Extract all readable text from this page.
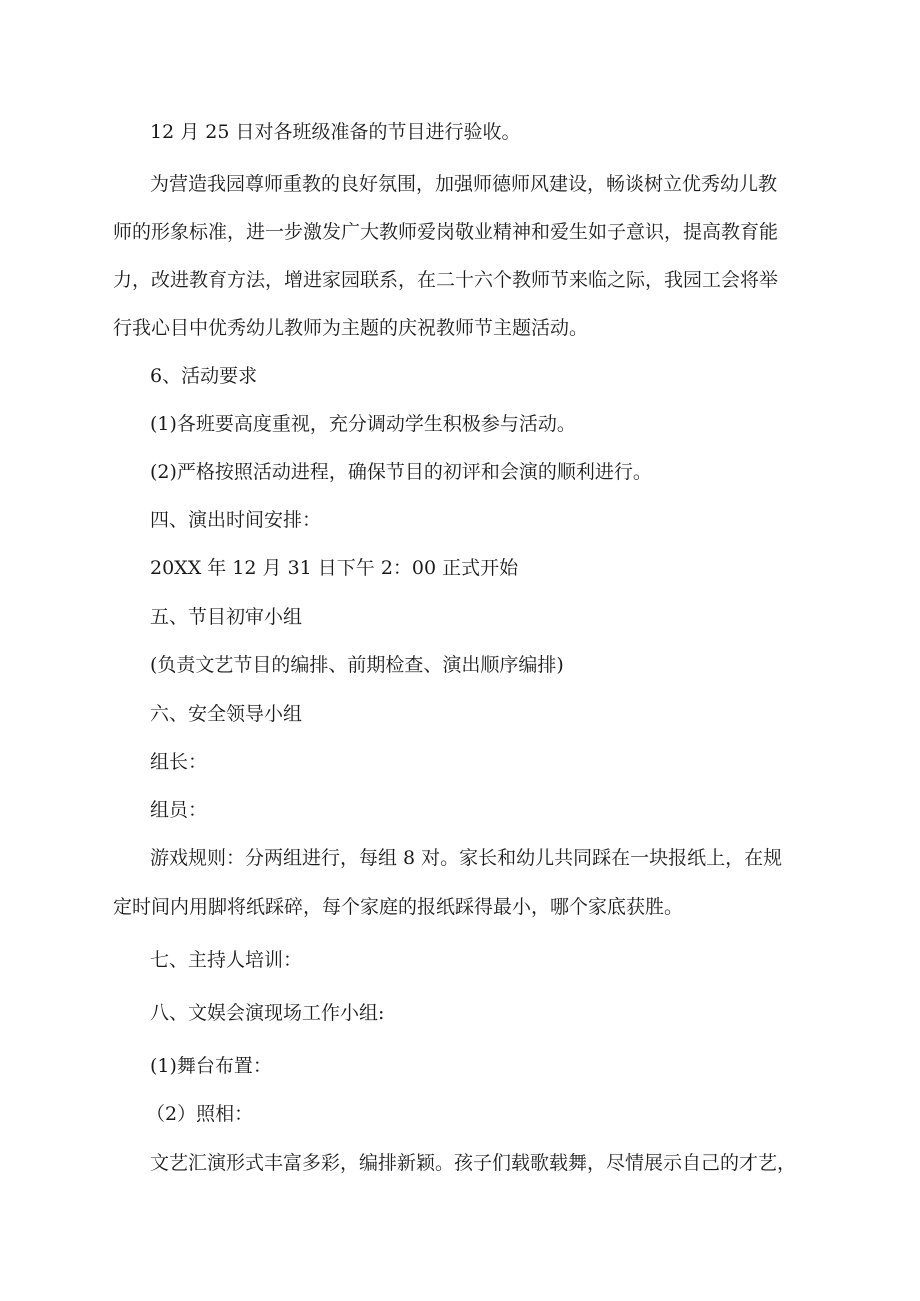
12 月 25 日对各班级准备的节目进行验收。

为营造我园尊师重教的良好氛围，加强师德师风建设，畅谈树立优秀幼儿教

师的形象标准，进一步激发广大教师爱岗敬业精神和爱生如子意识，提高教育能

力，改进教育方法，增进家园联系，在二十六个教师节来临之际，我园工会将举

行我心目中优秀幼儿教师为主题的庆祝教师节主题活动。

6、活动要求

(1)各班要高度重视，充分调动学生积极参与活动。

(2)严格按照活动进程，确保节目的初评和会演的顺利进行。

四、演出时间安排：

20XX 年 12 月 31 日下午 2：00 正式开始

五、节目初审小组

(负责文艺节目的编排、前期检查、演出顺序编排)

六、安全领导小组

组长：

组员：

游戏规则：分两组进行，每组 8 对。家长和幼儿共同踩在一块报纸上，在规

定时间内用脚将纸踩碎，每个家庭的报纸踩得最小，哪个家底获胜。

七、主持人培训：

八、文娱会演现场工作小组:

(1)舞台布置：

（2）照相：

文艺汇演形式丰富多彩，编排新颖。孩子们载歌载舞，尽情展示自己的才艺，
